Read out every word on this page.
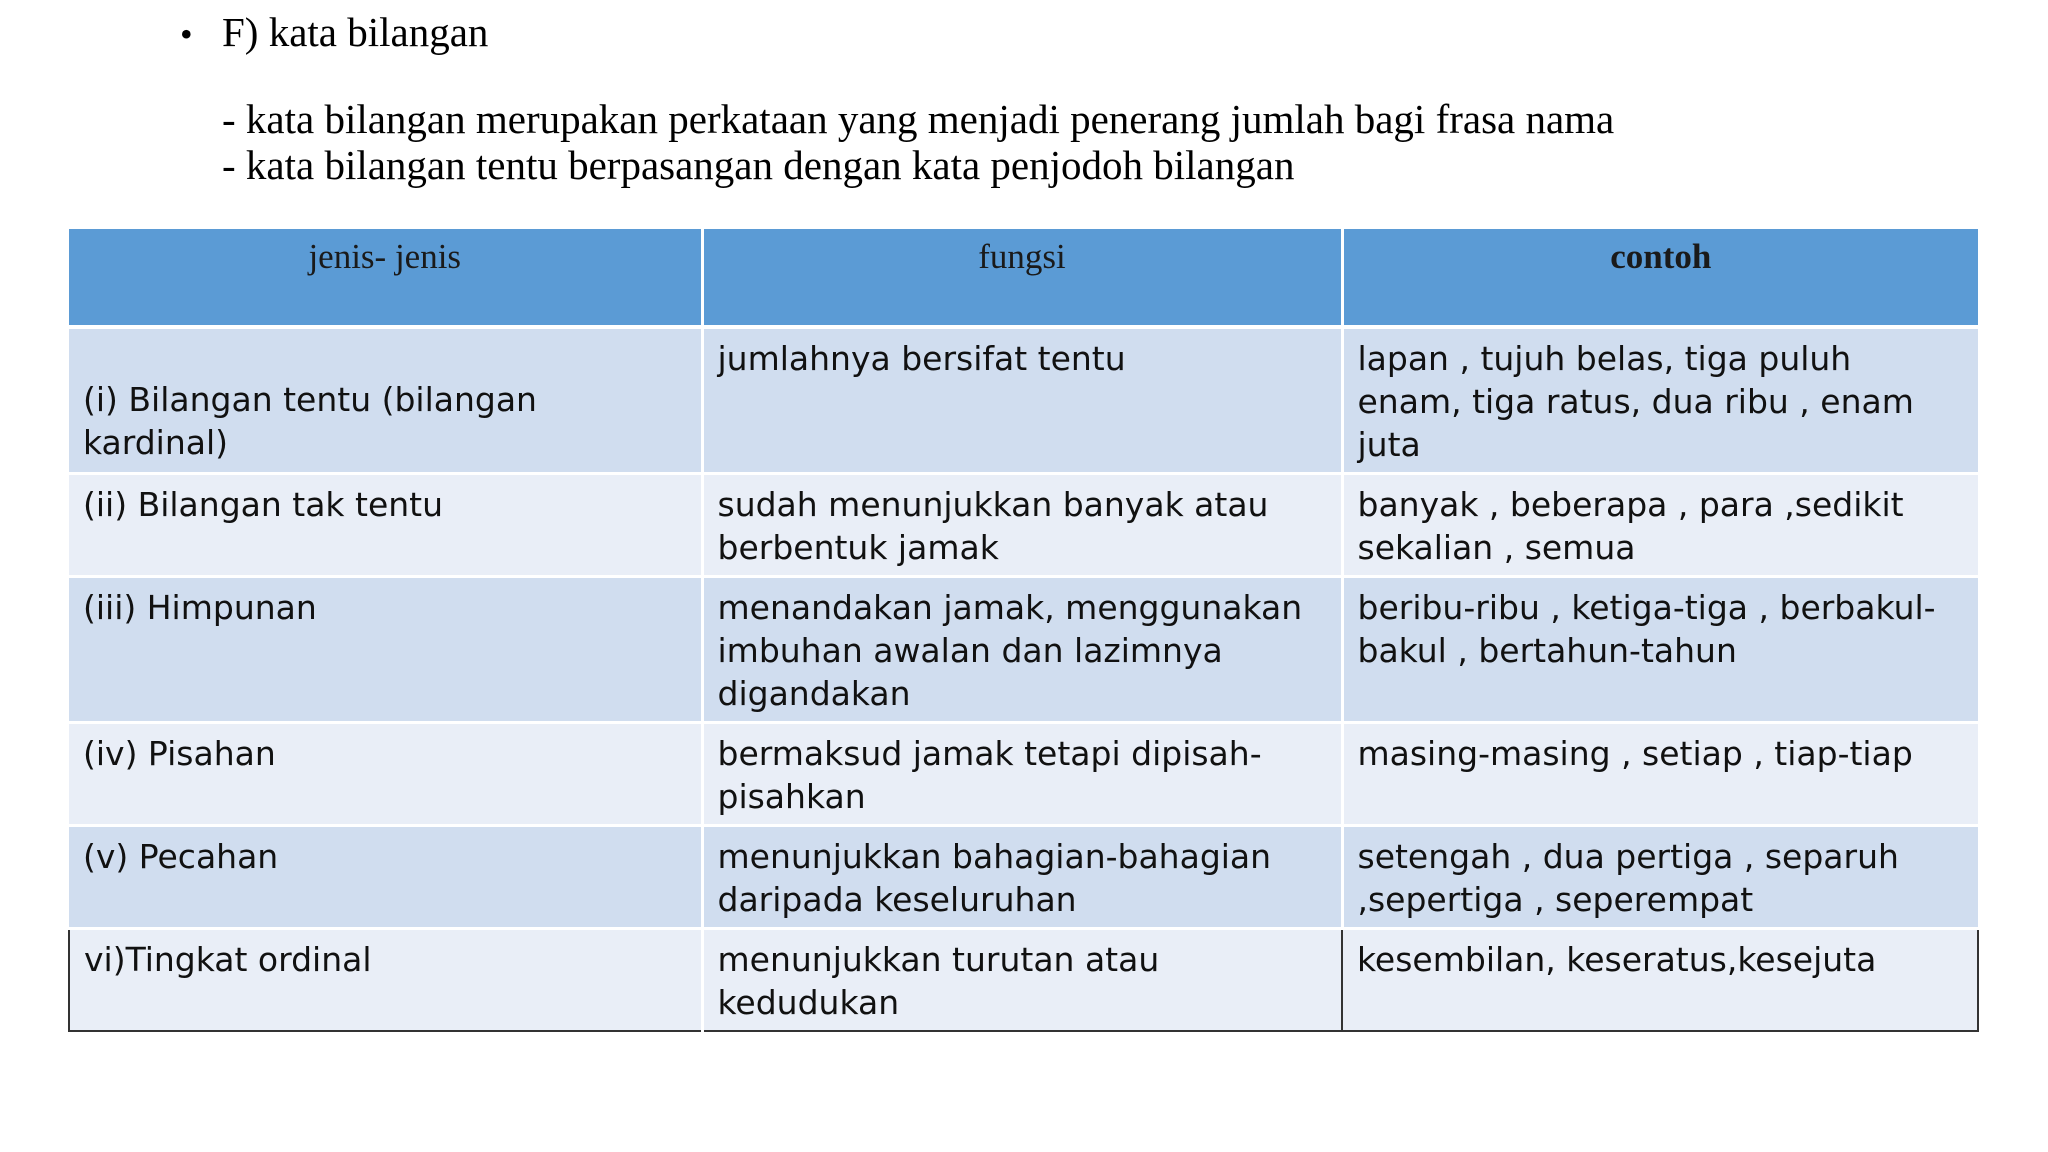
• F) kata bilangan
- kata bilangan merupakan perkataan yang menjadi penerang jumlah bagi frasa nama
- kata bilangan tentu berpasangan dengan kata penjodoh bilangan
jenis- jenis	fungsi	contoh
(i) Bilangan tentu (bilangan kardinal)	jumlahnya bersifat tentu	lapan , tujuh belas, tiga puluh enam, tiga ratus, dua ribu , enam juta
(ii) Bilangan tak tentu	sudah menunjukkan banyak atau berbentuk jamak	banyak , beberapa , para ,sedikit sekalian , semua
(iii) Himpunan	menandakan jamak, menggunakan imbuhan awalan dan lazimnya digandakan	beribu-ribu , ketiga-tiga , berbakul-bakul , bertahun-tahun
(iv) Pisahan	bermaksud jamak tetapi dipisah-pisahkan	masing-masing , setiap , tiap-tiap
(v) Pecahan	menunjukkan bahagian-bahagian daripada keseluruhan	setengah , dua pertiga , separuh ,sepertiga , seperempat
vi)Tingkat ordinal	menunjukkan turutan atau kedudukan	kesembilan, keseratus,kesejuta
